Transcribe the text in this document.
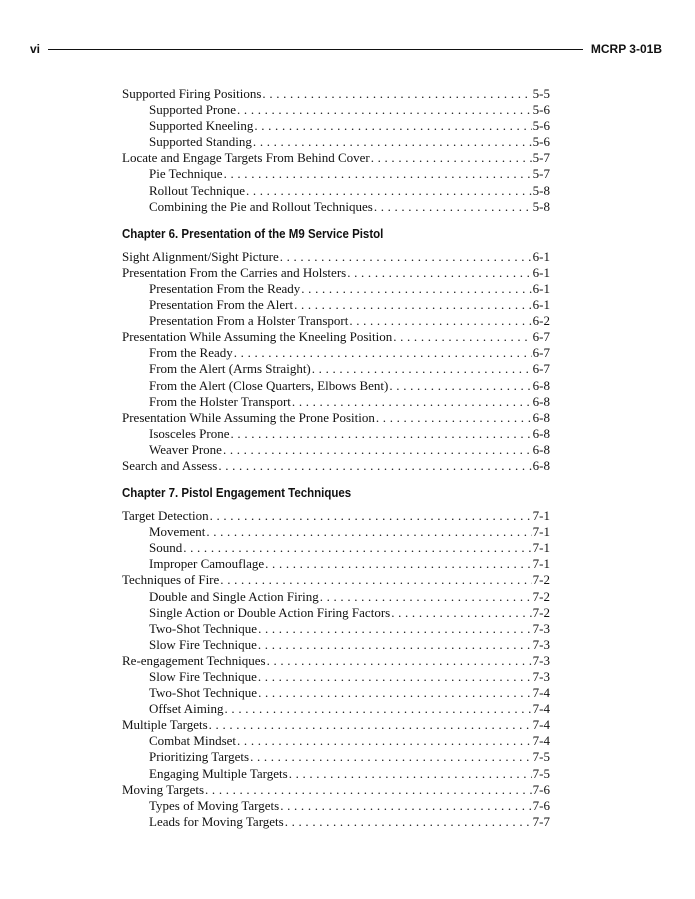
vi	MCRP 3-01B
Supported Firing Positions . . .	5-5
Supported Prone . . .	5-6
Supported Kneeling . . .	5-6
Supported Standing . . .	5-6
Locate and Engage Targets From Behind Cover . . .	5-7
Pie Technique . . .	5-7
Rollout Technique . . .	5-8
Combining the Pie and Rollout Techniques . . .	5-8
Chapter 6. Presentation of the M9 Service Pistol
Sight Alignment/Sight Picture . . .	6-1
Presentation From the Carries and Holsters . . .	6-1
Presentation From the Ready . . .	6-1
Presentation From the Alert . . .	6-1
Presentation From a Holster Transport . . .	6-2
Presentation While Assuming the Kneeling Position . . .	6-7
From the Ready . . .	6-7
From the Alert (Arms Straight) . . .	6-7
From the Alert (Close Quarters, Elbows Bent) . . .	6-8
From the Holster Transport . . .	6-8
Presentation While Assuming the Prone Position . . .	6-8
Isosceles Prone . . .	6-8
Weaver Prone . . .	6-8
Search and Assess . . .	6-8
Chapter 7. Pistol Engagement Techniques
Target Detection . . .	7-1
Movement . . .	7-1
Sound . . .	7-1
Improper Camouflage . . .	7-1
Techniques of Fire . . .	7-2
Double and Single Action Firing . . .	7-2
Single Action or Double Action Firing Factors . . .	7-2
Two-Shot Technique . . .	7-3
Slow Fire Technique . . .	7-3
Re-engagement Techniques . . .	7-3
Slow Fire Technique . . .	7-3
Two-Shot Technique . . .	7-4
Offset Aiming . . .	7-4
Multiple Targets . . .	7-4
Combat Mindset . . .	7-4
Prioritizing Targets . . .	7-5
Engaging Multiple Targets . . .	7-5
Moving Targets . . .	7-6
Types of Moving Targets . . .	7-6
Leads for Moving Targets . . .	7-7
